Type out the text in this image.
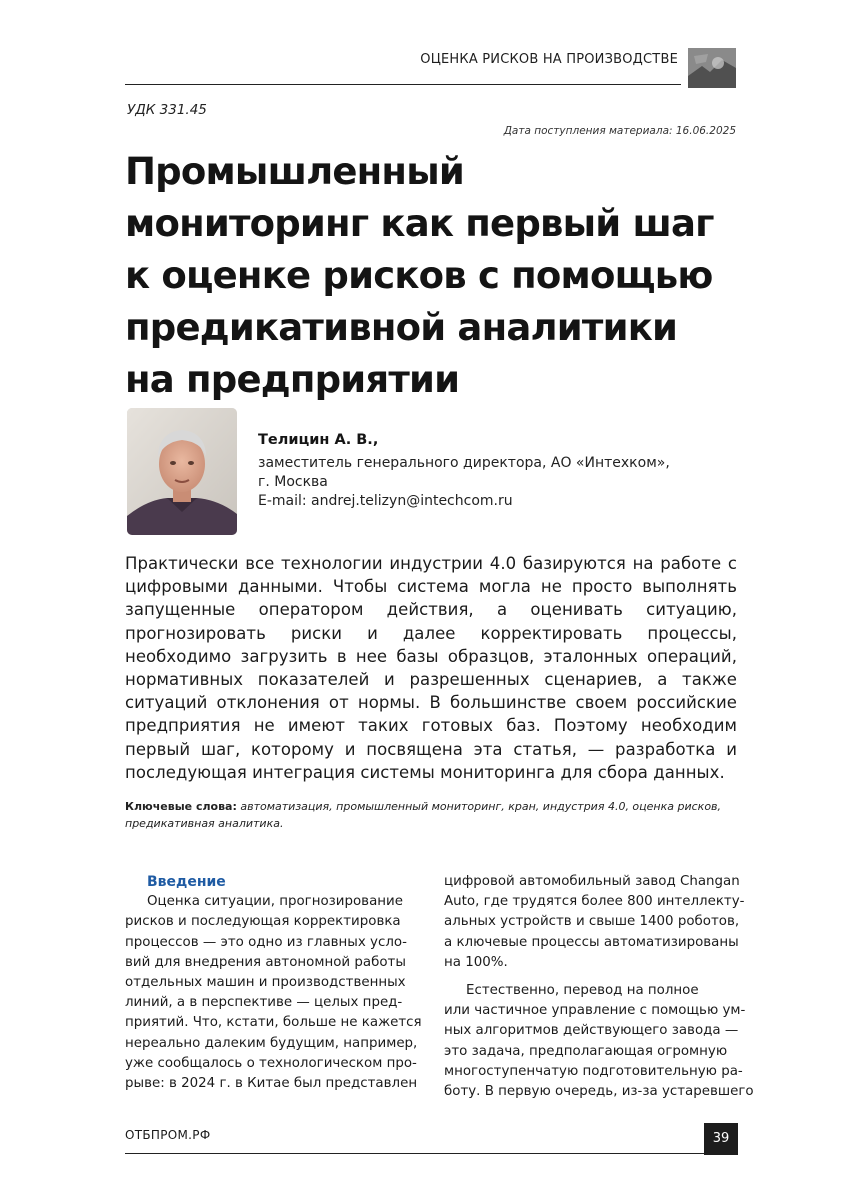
ОЦЕНКА РИСКОВ НА ПРОИЗВОДСТВЕ
УДК 331.45
Дата поступления материала: 16.06.2025
Промышленный
мониторинг как первый шаг
к оценке рисков с помощью
предикативной аналитики
на предприятии
Телицин А. В.,
заместитель генерального директора, АО «Интехком»,
г. Москва
E-mail: andrej.telizyn@intechcom.ru

Практически все технологии индустрии 4.0 базируются на работе с цифровыми данными. Чтобы система могла не просто выполнять запущенные оператором действия, а оценивать ситуацию, прогнозировать риски и далее корректировать процессы, необходимо загрузить в нее базы образцов, эталонных операций, нормативных показателей и разрешенных сценариев, а также ситуаций отклонения от нормы. В большинстве своем российские предприятия не имеют таких готовых баз. Поэтому необходим первый шаг, которому и посвящена эта статья, — разработка и последующая интеграция системы мониторинга для сбора данных.

Ключевые слова: автоматизация, промышленный мониторинг, кран, индустрия 4.0, оценка рисков, предикативная аналитика.

Введение
Оценка ситуации, прогнозирование
рисков и последующая корректировка
процессов — это одно из главных усло-
вий для внедрения автономной работы
отдельных машин и производственных
линий, а в перспективе — целых пред-
приятий. Что, кстати, больше не кажется
нереально далеким будущим, например,
уже сообщалось о технологическом про-
рыве: в 2024 г. в Китае был представлен
цифровой автомобильный завод Changan
Auto, где трудятся более 800 интеллекту-
альных устройств и свыше 1400 роботов,
а ключевые процессы автоматизированы
на 100%.
Естественно, перевод на полное
или частичное управление с помощью ум-
ных алгоритмов действующего завода —
это задача, предполагающая огромную
многоступенчатую подготовительную ра-
боту. В первую очередь, из-за устаревшего
ОТБПРОМ.РФ	39
